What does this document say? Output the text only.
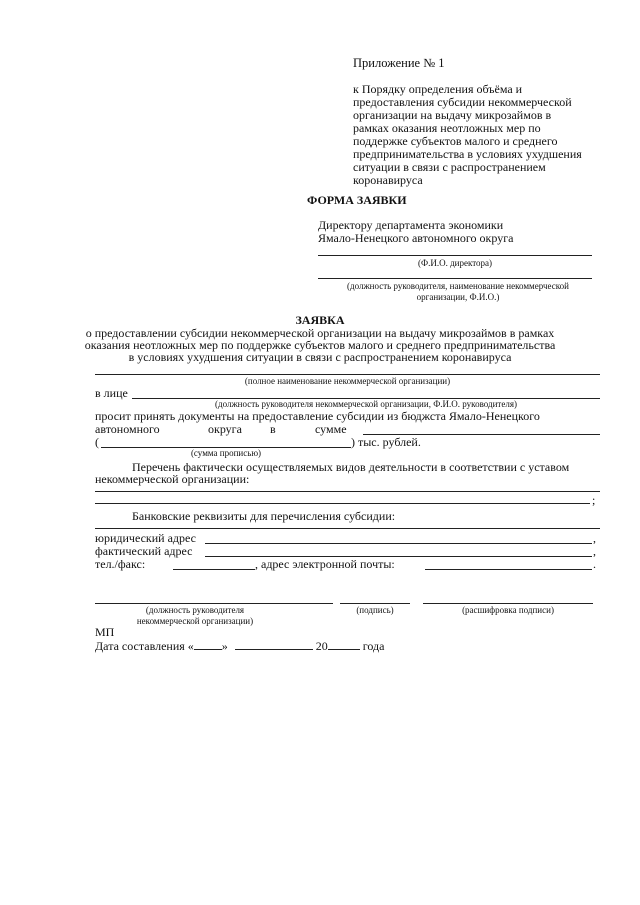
Приложение № 1
к Порядку определения объёма и
предоставления субсидии некоммерческой
организации на выдачу микрозаймов в
рамках оказания неотложных мер по
поддержке субъектов малого и среднего
предпринимательства в условиях ухудшения
ситуации в связи с распространением
коронавируса
ФОРМА ЗАЯВКИ
Директору департамента экономики
Ямало-Ненецкого автономного округа
(Ф.И.О. директора)
(должность руководителя, наименование некоммерческой
организации, Ф.И.О.)
ЗАЯВКА
о предоставлении субсидии некоммерческой организации на выдачу микрозаймов в рамках
оказания неотложных мер по поддержке субъектов малого и среднего предпринимательства
в условиях ухудшения ситуации в связи с распространением коронавируса
(полное наименование некоммерческой организации)
в лице
(должность руководителя некоммерческой организации, Ф.И.О. руководителя)
просит принять документы на предоставление субсидии из бюджста Ямало-Ненецкого
автономного	округа в	сумме
(	) тыс. рублей.
(сумма прописью)
Перечень фактически осуществляемых видов деятельности в соответствии с уставом
некоммерческой организации:
;
Банковские реквизиты для перечисления субсидии:
юридический адрес	,
фактический адрес	,
тел./факс:	, адрес электронной почты:	.
(должность руководителя
некоммерческой организации)
(подпись)	(расшифровка подписи)
МП
Дата составления « »	20	года
